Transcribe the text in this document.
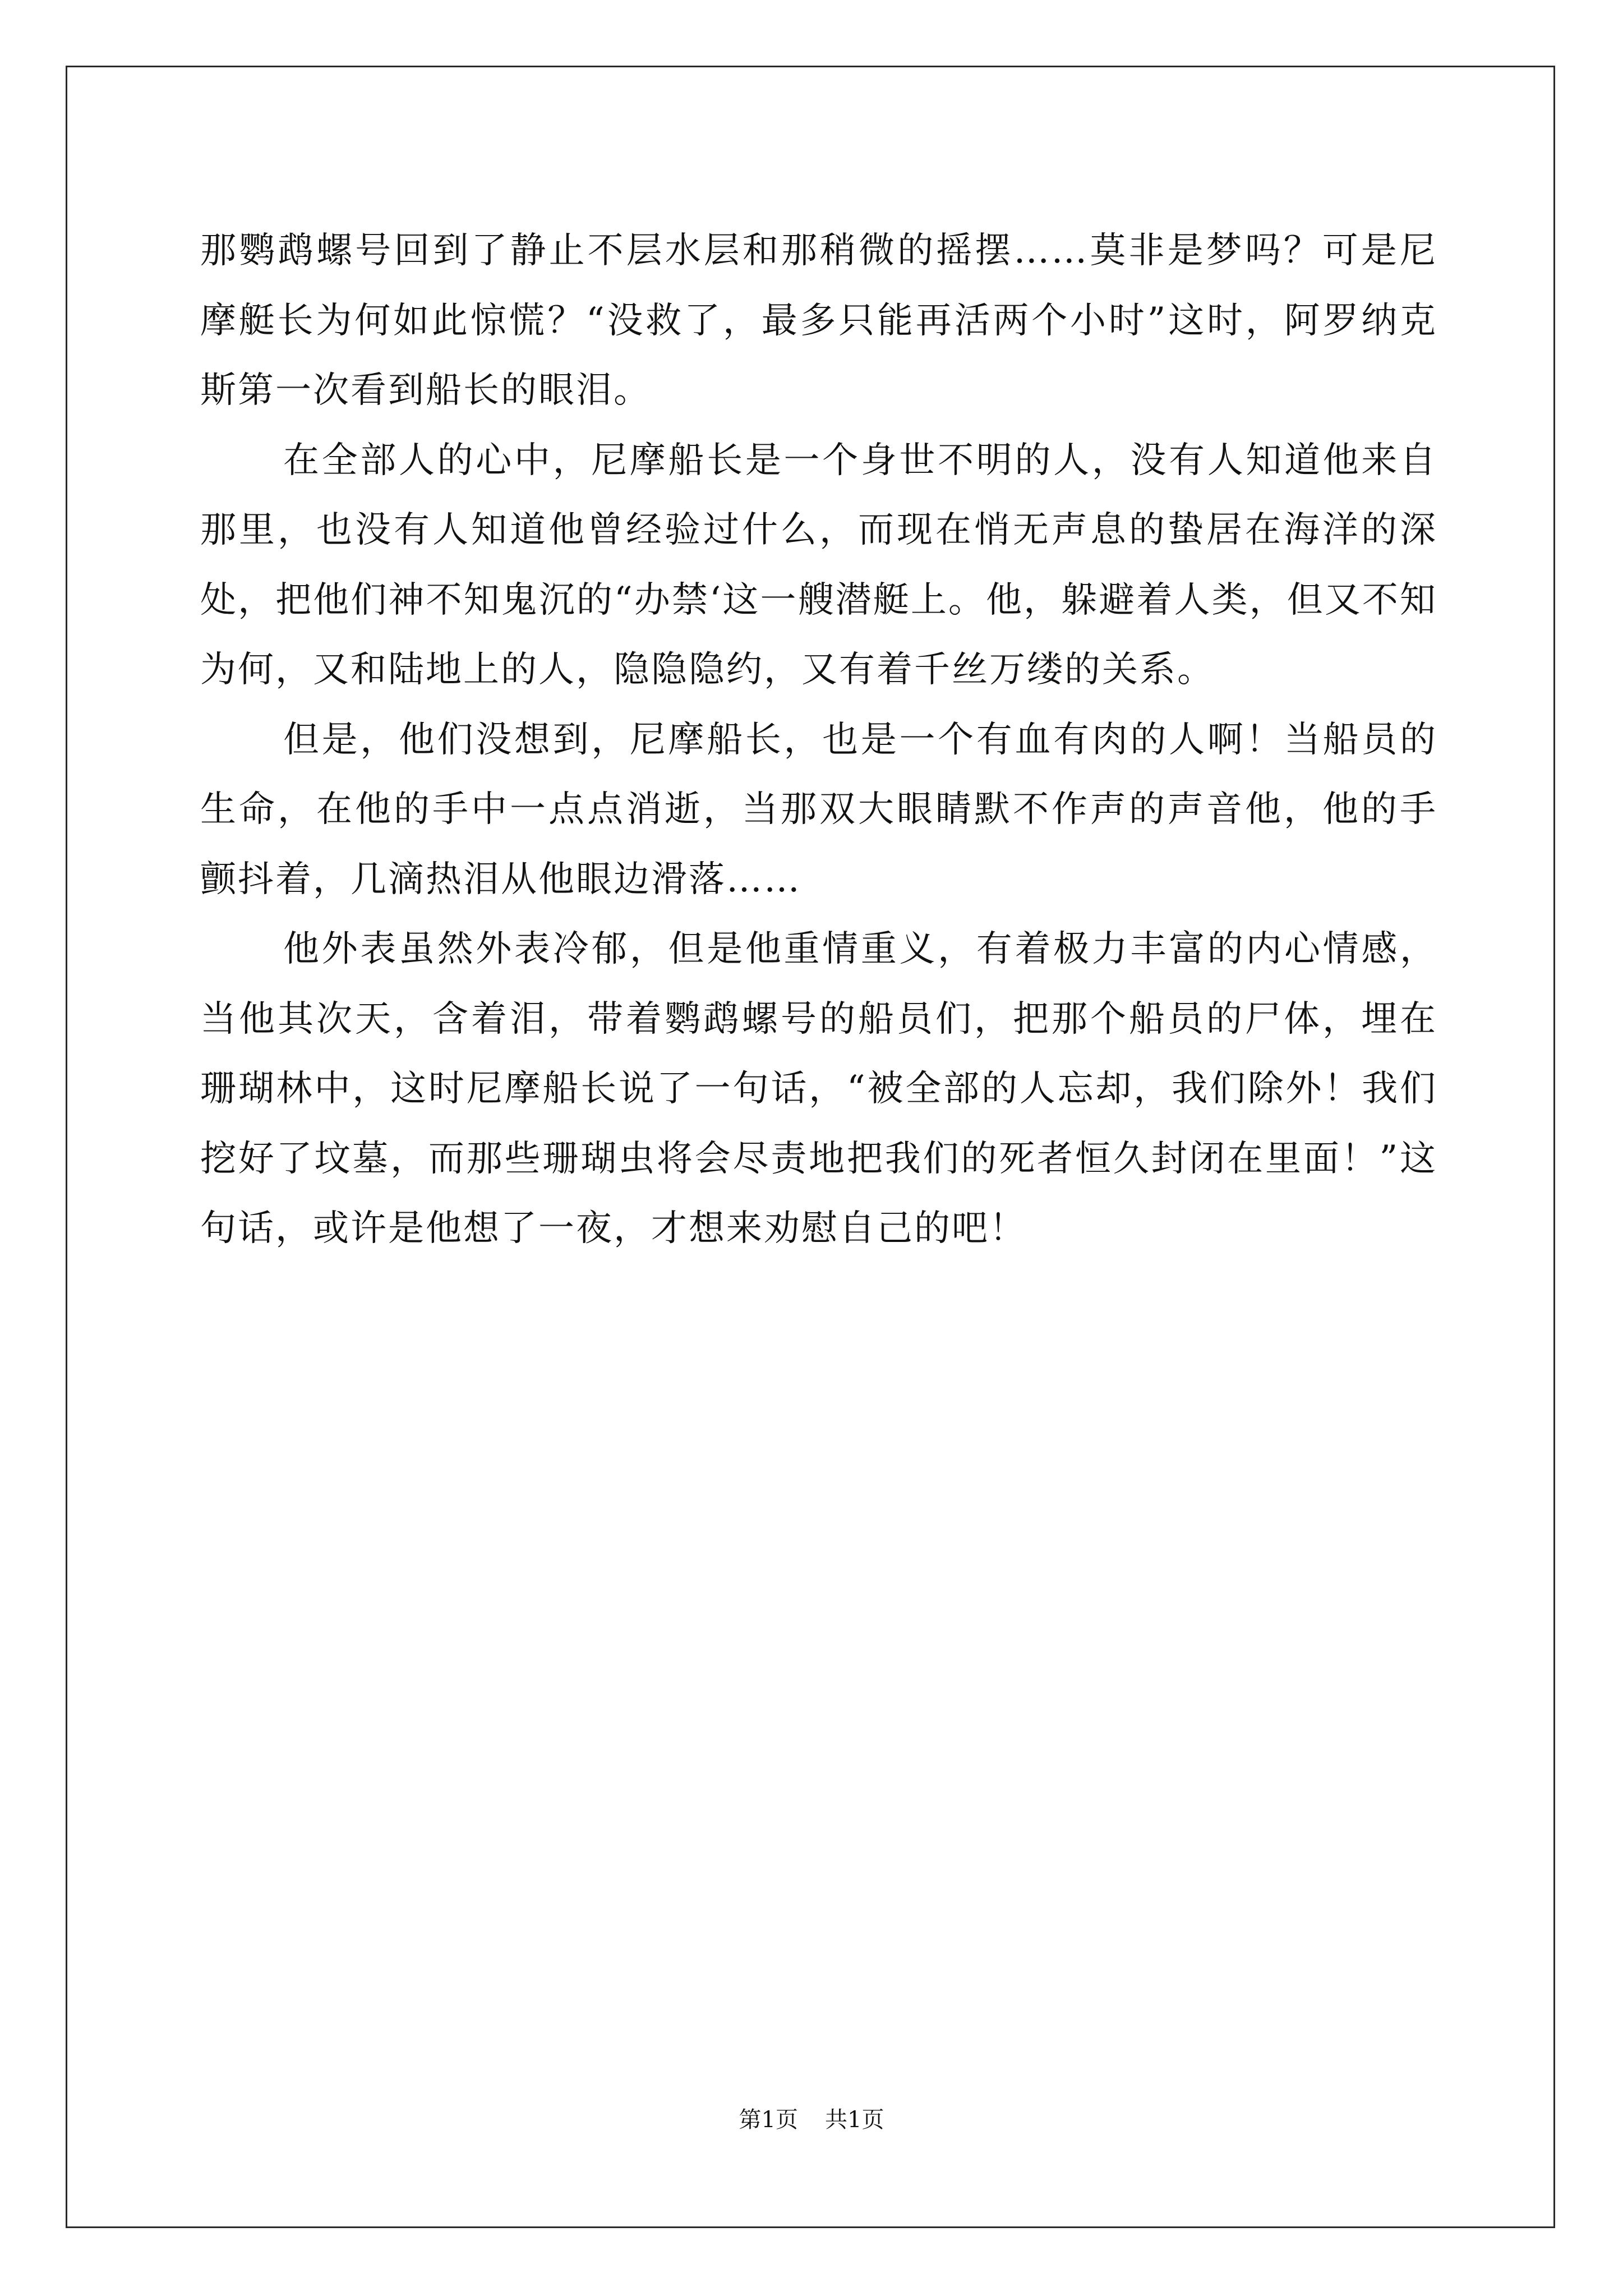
那鹦鹉螺号回到了静止不层水层和那稍微的摇摆……莫非是梦吗？可是尼摩艇长为何如此惊慌？“没救了，最多只能再活两个小时”这时，阿罗纳克斯第一次看到船长的眼泪。

在全部人的心中，尼摩船长是一个身世不明的人，没有人知道他来自那里，也没有人知道他曾经验过什么，而现在悄无声息的蛰居在海洋的深处，把他们神不知鬼沉的“办禁‘这一艘潜艇上。他，躲避着人类，但又不知为何，又和陆地上的人，隐隐隐约，又有着千丝万缕的关系。

但是，他们没想到，尼摩船长，也是一个有血有肉的人啊！当船员的生命，在他的手中一点点消逝，当那双大眼睛默不作声的声音他，他的手颤抖着，几滴热泪从他眼边滑落……

他外表虽然外表冷郁，但是他重情重义，有着极力丰富的内心情感，当他其次天，含着泪，带着鹦鹉螺号的船员们，把那个船员的尸体，埋在珊瑚林中，这时尼摩船长说了一句话，“被全部的人忘却，我们除外！我们挖好了坟墓，而那些珊瑚虫将会尽责地把我们的死者恒久封闭在里面！”这句话，或许是他想了一夜，才想来劝慰自己的吧！

第1页 共1页
